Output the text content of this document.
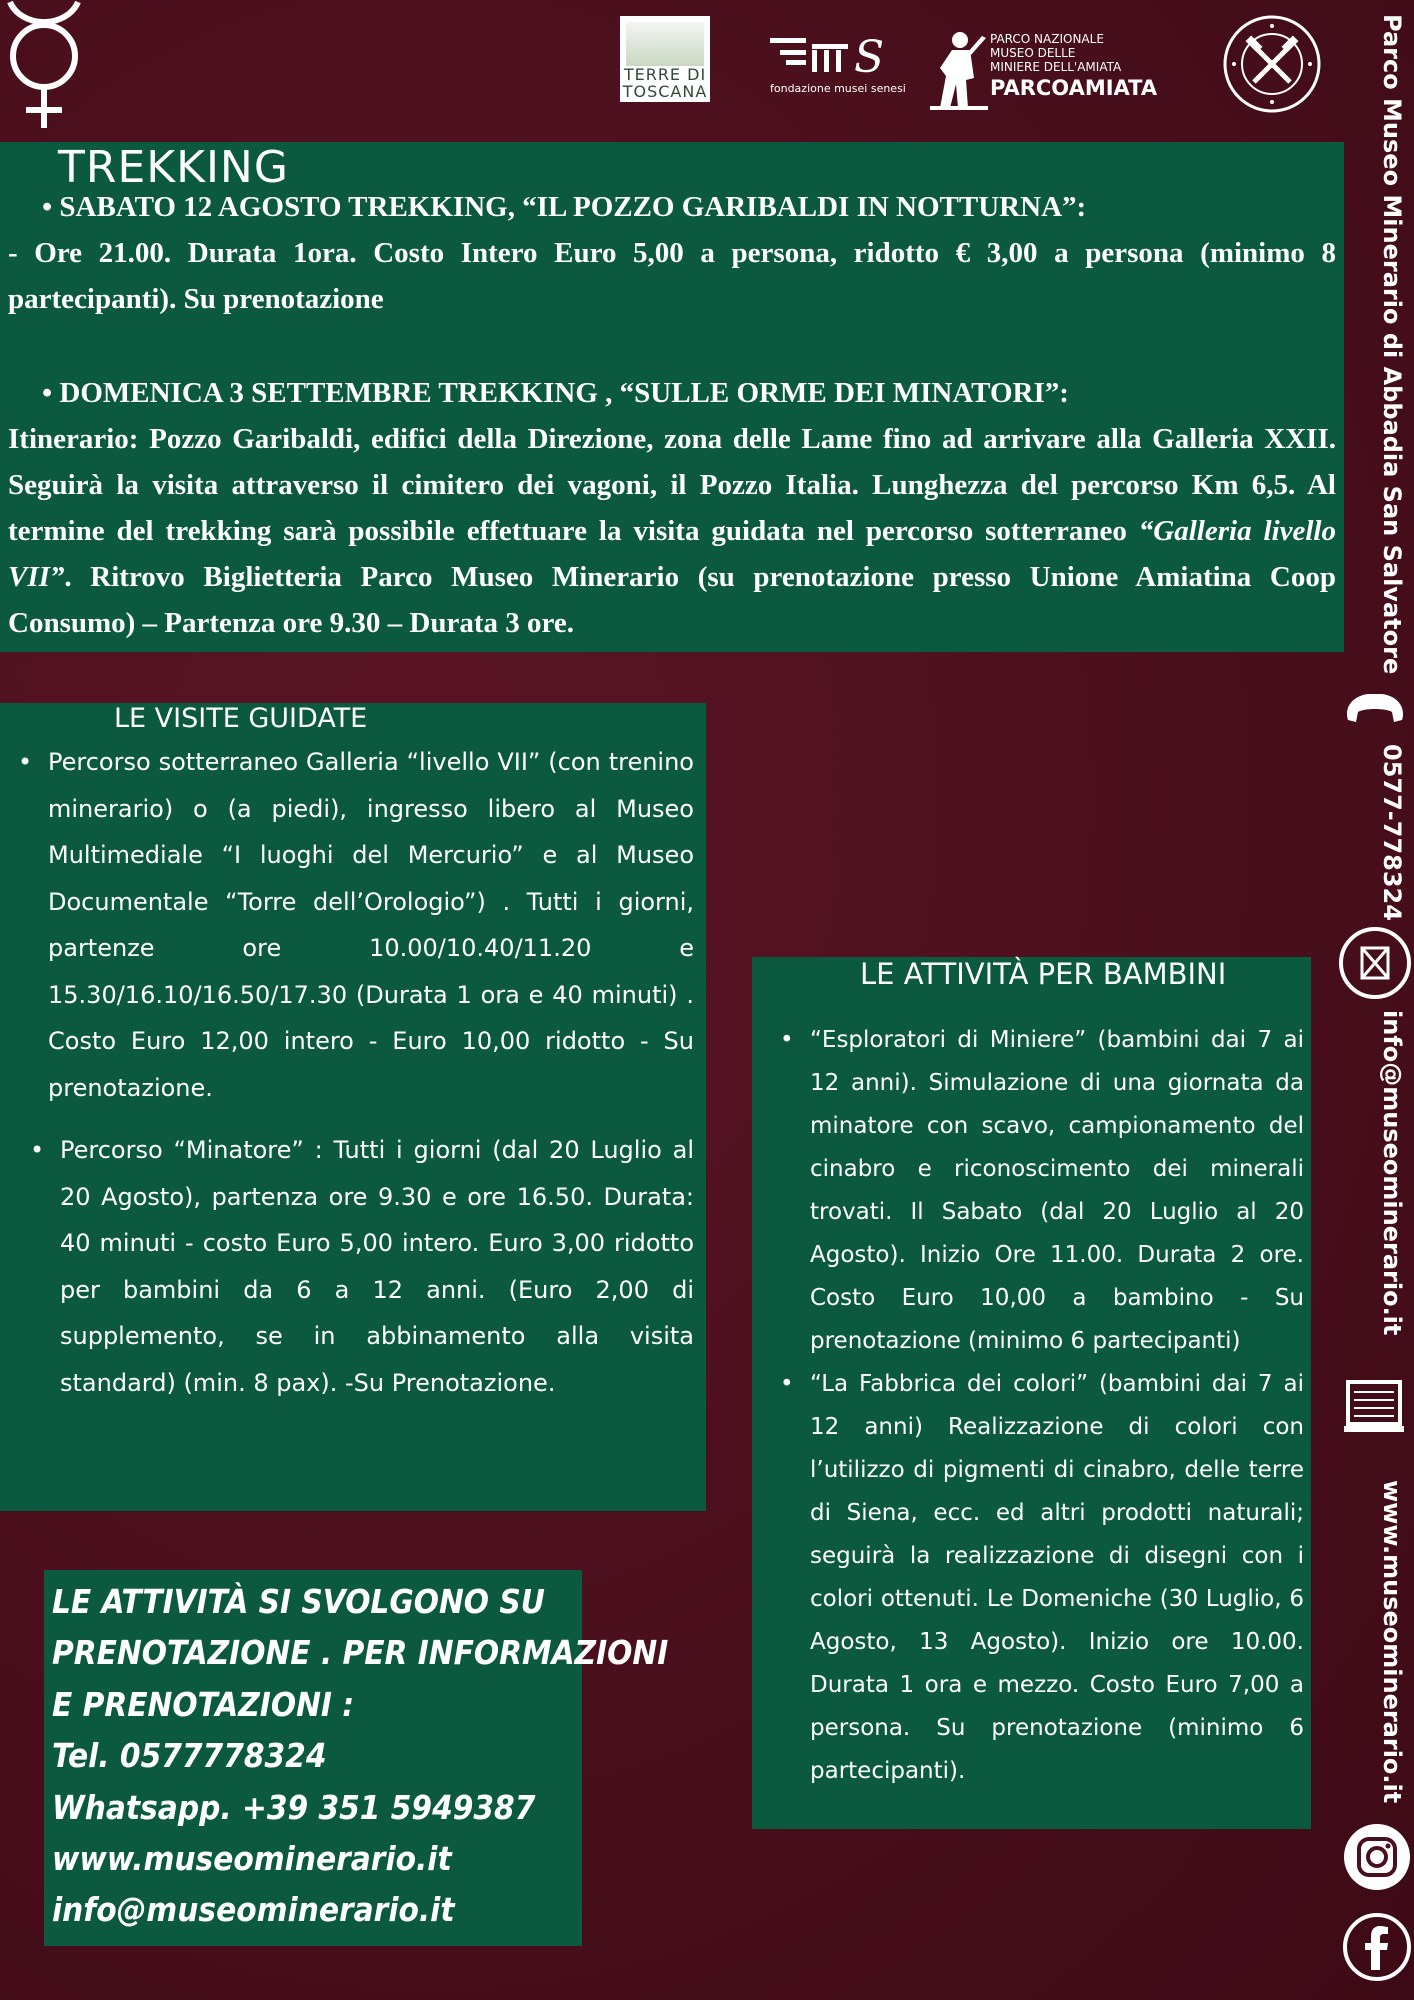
TERRE DI TOSCANA
S
fondazione musei senesi
PARCO NAZIONALE
MUSEO DELLE
MINIERE DELL'AMIATA
PARCOAMIATA
TREKKING

• SABATO 12 AGOSTO TREKKING, “IL POZZO GARIBALDI IN NOTTURNA”:

- Ore 21.00. Durata 1ora. Costo Intero Euro 5,00 a persona, ridotto € 3,00 a persona (minimo 8 partecipanti). Su prenotazione

• DOMENICA 3 SETTEMBRE TREKKING , “SULLE ORME DEI MINATORI”:

Itinerario: Pozzo Garibaldi, edifici della Direzione, zona delle Lame fino ad arrivare alla Galleria XXII. Seguirà la visita attraverso il cimitero dei vagoni, il Pozzo Italia. Lunghezza del percorso Km 6,5. Al termine del trekking sarà possibile effettuare la visita guidata nel percorso sotterraneo “Galleria livello VII”. Ritrovo Biglietteria Parco Museo Minerario (su prenotazione presso Unione Amiatina Coop Consumo) – Partenza ore 9.30 – Durata 3 ore.

LE VISITE GUIDATE
• Percorso sotterraneo Galleria “livello VII” (con trenino minerario) o (a piedi), ingresso libero al Museo Multimediale “I luoghi del Mercurio” e al Museo Documentale “Torre dell’Orologio”) . Tutti i giorni, partenze ore 10.00/10.40/11.20 e 15.30/16.10/16.50/17.30 (Durata 1 ora e 40 minuti) . Costo Euro 12,00 intero - Euro 10,00 ridotto - Su prenotazione.
• Percorso “Minatore” : Tutti i giorni (dal 20 Luglio al 20 Agosto), partenza ore 9.30 e ore 16.50. Durata: 40 minuti - costo Euro 5,00 intero. Euro 3,00 ridotto per bambini da 6 a 12 anni. (Euro 2,00 di supplemento, se in abbinamento alla visita standard) (min. 8 pax). -Su Prenotazione.
LE ATTIVITÀ PER BAMBINI
• “Esploratori di Miniere” (bambini dai 7 ai 12 anni). Simulazione di una giornata da minatore con scavo, campionamento del cinabro e riconoscimento dei minerali trovati. Il Sabato (dal 20 Luglio al 20 Agosto). Inizio Ore 11.00. Durata 2 ore. Costo Euro 10,00 a bambino - Su prenotazione (minimo 6 partecipanti)
• “La Fabbrica dei colori” (bambini dai 7 ai 12 anni) Realizzazione di colori con l’utilizzo di pigmenti di cinabro, delle terre di Siena, ecc. ed altri prodotti naturali; seguirà la realizzazione di disegni con i colori ottenuti. Le Domeniche (30 Luglio, 6 Agosto, 13 Agosto). Inizio ore 10.00. Durata 1 ora e mezzo. Costo Euro 7,00 a persona. Su prenotazione (minimo 6 partecipanti).
LE ATTIVITÀ SI SVOLGONO SU
PRENOTAZIONE . PER INFORMAZIONI
E PRENOTAZIONI :
Tel. 0577778324
Whatsapp. +39 351 5949387
www.museominerario.it
info@museominerario.it
Parco Museo Minerario di Abbadia San Salvatore
0577-778324
info@museominerario.it
www.museominerario.it
